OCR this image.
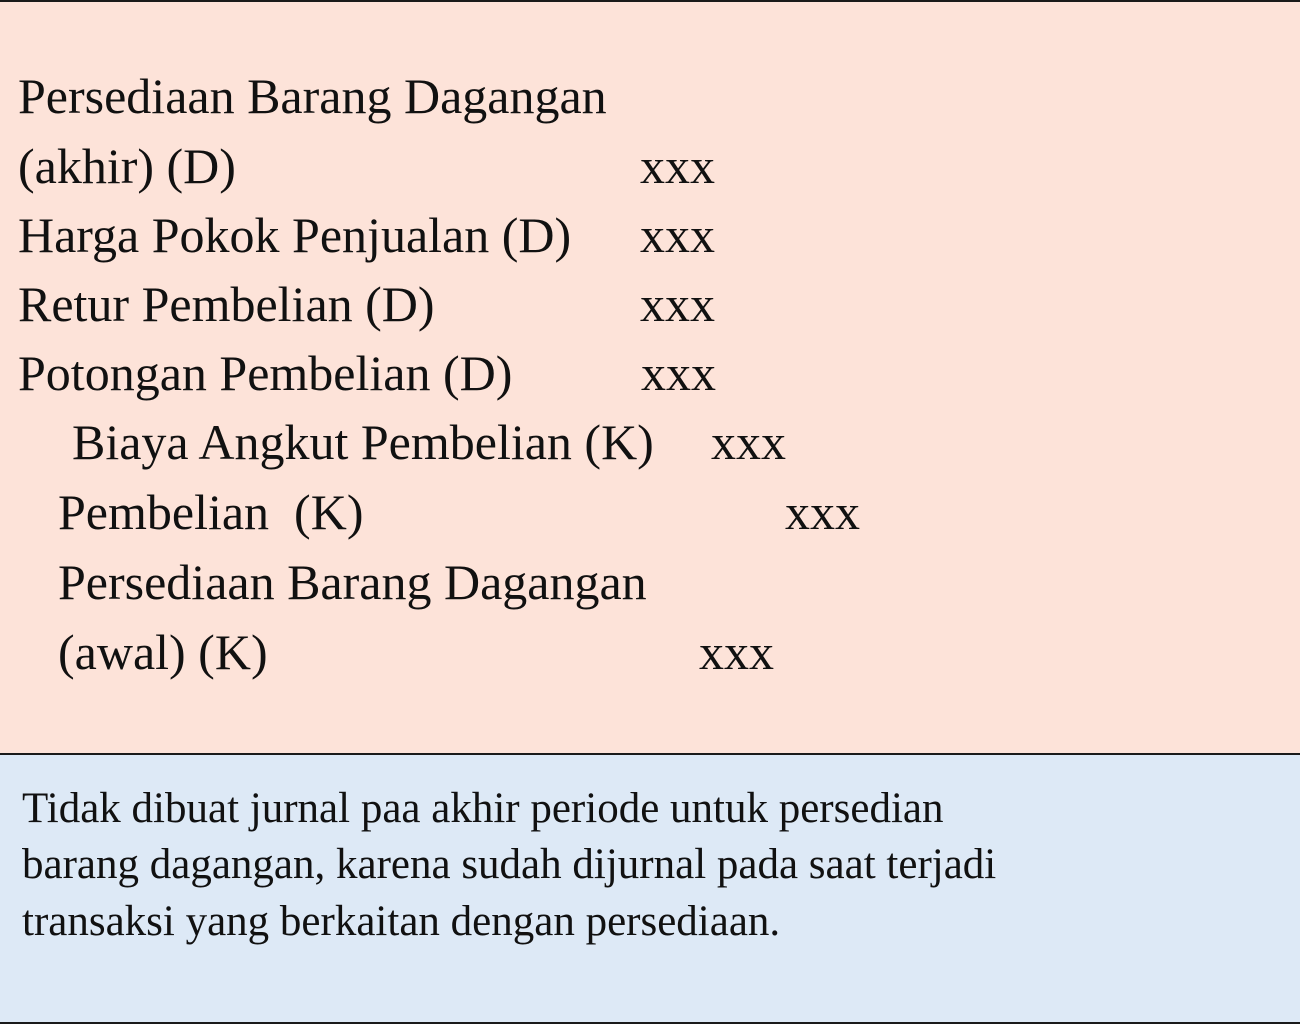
Persediaan Barang Dagangan
(akhir) (D)	xxx
Harga Pokok Penjualan (D) xxx
Retur Pembelian (D)	xxx
Potongan Pembelian (D)	xxx
Biaya Angkut Pembelian (K) xxx
Pembelian  (K)	xxx
Persediaan Barang Dagangan
(awal) (K)	xxx
Tidak dibuat jurnal paa akhir periode untuk persedian
barang dagangan, karena sudah dijurnal pada saat terjadi
transaksi yang berkaitan dengan persediaan.
